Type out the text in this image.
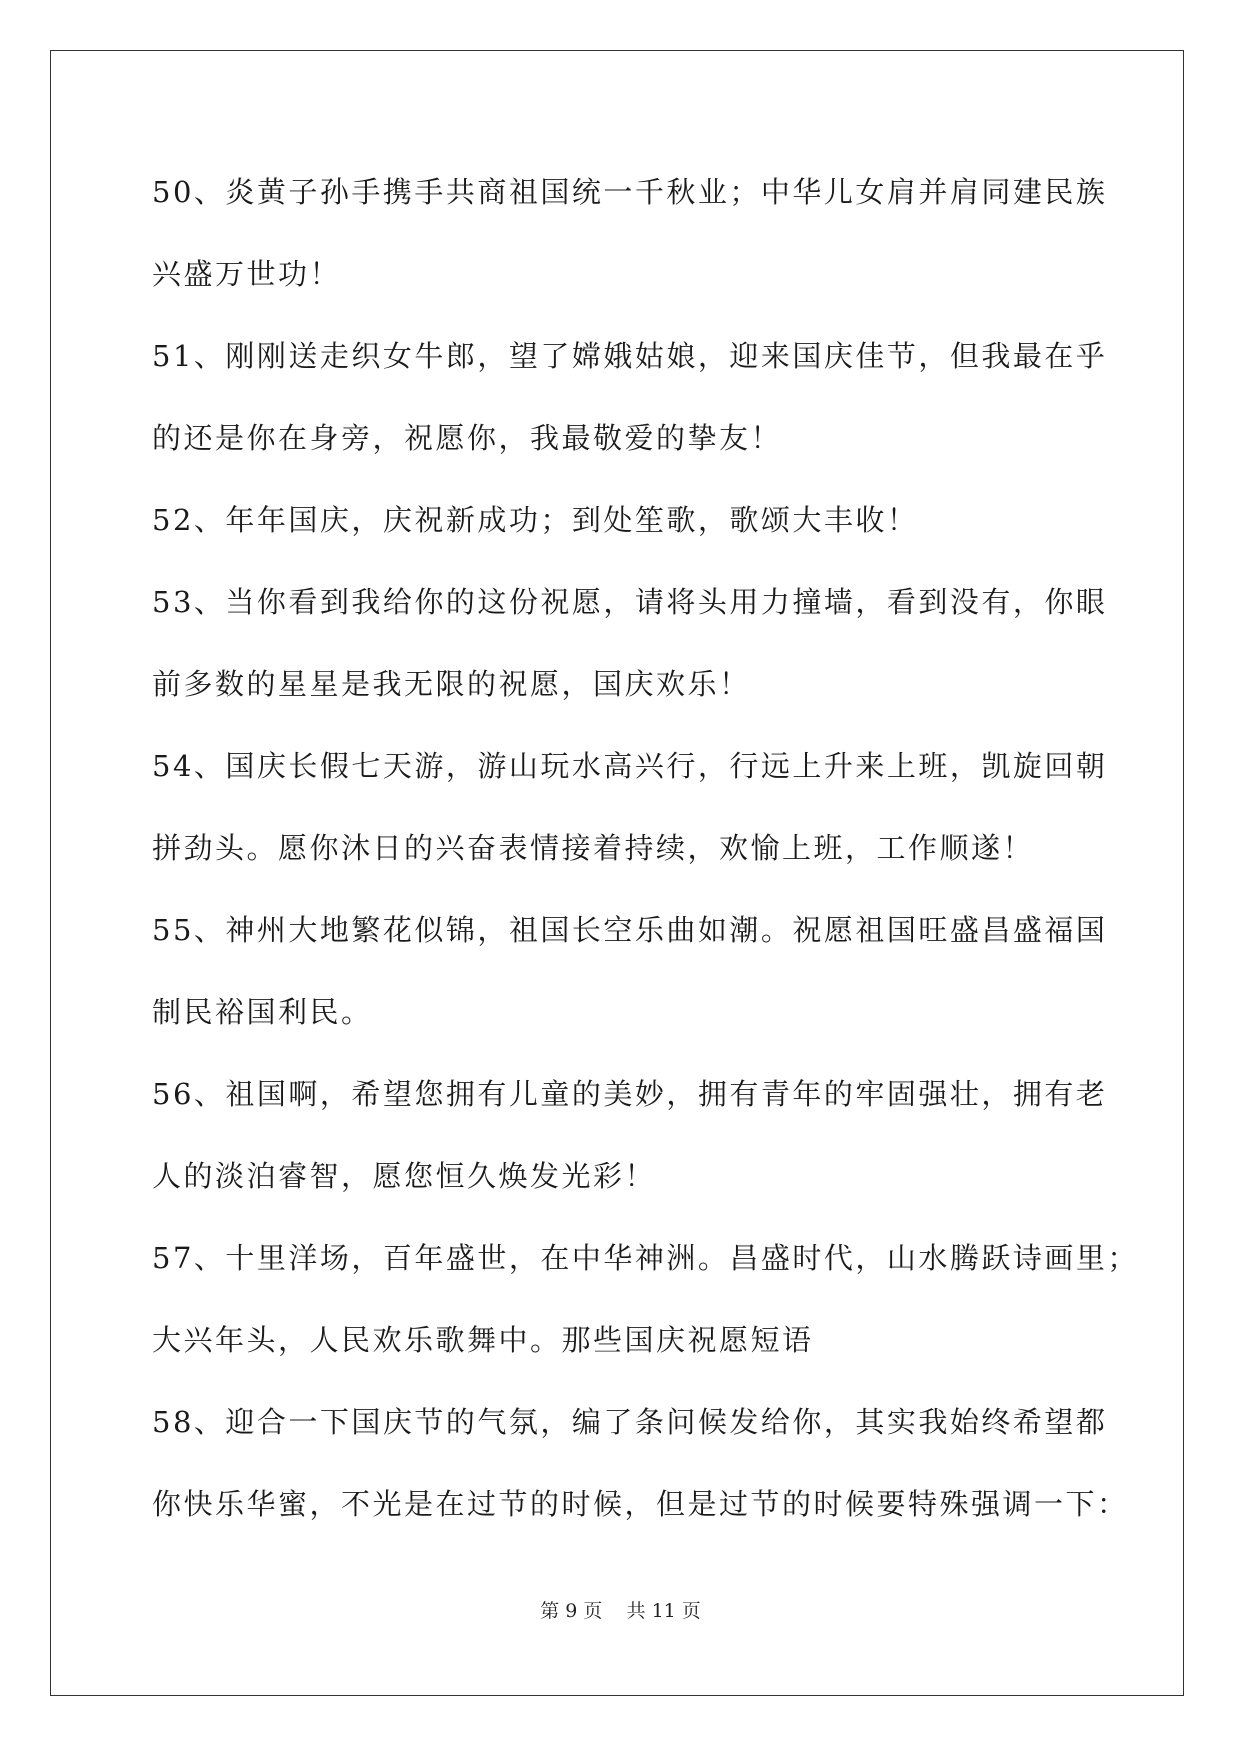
50、炎黄子孙手携手共商祖国统一千秋业；中华儿女肩并肩同建民族
兴盛万世功！
51、刚刚送走织女牛郎，望了嫦娥姑娘，迎来国庆佳节，但我最在乎
的还是你在身旁，祝愿你，我最敬爱的挚友！
52、年年国庆，庆祝新成功；到处笙歌，歌颂大丰收！
53、当你看到我给你的这份祝愿，请将头用力撞墙，看到没有，你眼
前多数的星星是我无限的祝愿，国庆欢乐！
54、国庆长假七天游，游山玩水高兴行，行远上升来上班，凯旋回朝
拼劲头。愿你沐日的兴奋表情接着持续，欢愉上班，工作顺遂！
55、神州大地繁花似锦，祖国长空乐曲如潮。祝愿祖国旺盛昌盛福国
制民裕国利民。
56、祖国啊，希望您拥有儿童的美妙，拥有青年的牢固强壮，拥有老
人的淡泊睿智，愿您恒久焕发光彩！
57、十里洋场，百年盛世，在中华神洲。昌盛时代，山水腾跃诗画里；
大兴年头，人民欢乐歌舞中。那些国庆祝愿短语
58、迎合一下国庆节的气氛，编了条问候发给你，其实我始终希望都
你快乐华蜜，不光是在过节的时候，但是过节的时候要特殊强调一下：
第 9 页    共 11 页
